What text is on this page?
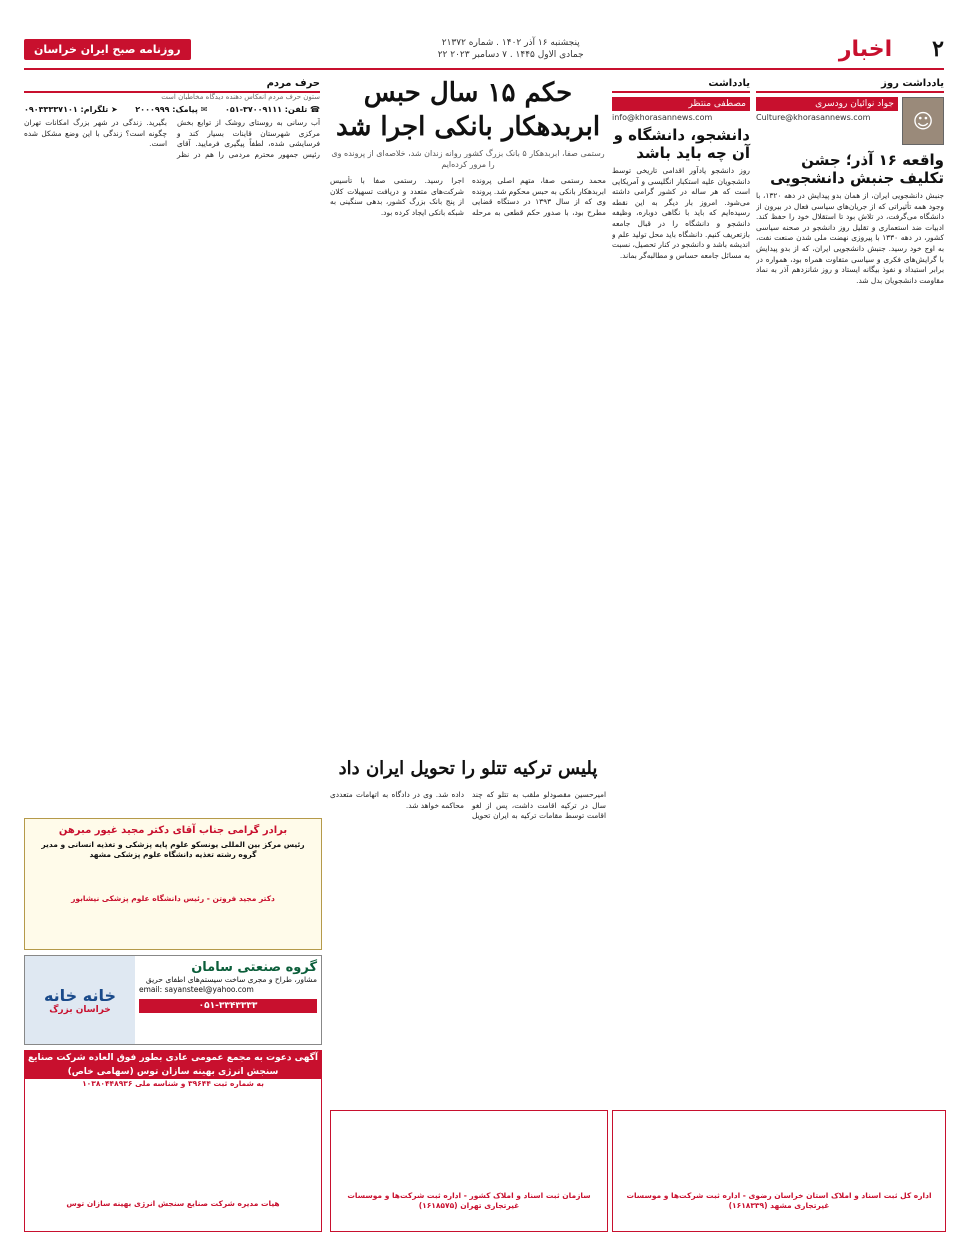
روزنامه صبح ایران خراسان	پنجشنبه ۱۶ آذر ۱۴۰۲ . شماره ۲۱۳۷۲
۲۲ جمادی الاول ۱۴۴۵ . ۷ دسامبر ۲۰۲۳	اخبار ۲
یادداشت روز
جواد نوائیان رودسری
Culture@khorasannews.com	☺
واقعه ۱۶ آذر؛ جشن تکلیف جنبش دانشجویی
جنبش دانشجویی ایران، از همان بدو پیدایش در دهه ۱۳۲۰، با وجود همه تأثیراتی که از جریان‌های سیاسی فعال در بیرون از دانشگاه می‌گرفت، در تلاش بود تا استقلال خود را حفظ کند. ادبیات ضد استعماری و تقلیل روز دانشجو در صحنه سیاسی کشور، در دهه ۱۳۳۰ با پیروزی نهضت ملی شدن صنعت نفت، به اوج خود رسید. جنبش دانشجویی ایران، که از بدو پیدایش با گرایش‌های فکری و سیاسی متفاوت همراه بود، همواره در برابر استبداد و نفوذ بیگانه ایستاد و روز شانزدهم آذر به نماد مقاومت دانشجویان بدل شد.
یادداشت
مصطفی منتظر
info@khorasannews.com
دانشجو، دانشگاه و آن چه باید باشد
روز دانشجو یادآور اقدامی تاریخی توسط دانشجویان علیه استکبار انگلیسی و آمریکایی است که هر ساله در کشور گرامی داشته می‌شود. امروز بار دیگر به این نقطه رسیده‌ایم که باید با نگاهی دوباره، وظیفه دانشجو و دانشگاه را در قبال جامعه بازتعریف کنیم. دانشگاه باید محل تولید علم و اندیشه باشد و دانشجو در کنار تحصیل، نسبت به مسائل جامعه حساس و مطالبه‌گر بماند.
حکم ۱۵ سال حبس
ابربدهکار بانکی اجرا شد
رستمی صفا، ابربدهکار ۵ بانک بزرگ کشور روانه زندان شد، خلاصه‌ای از پرونده وی را مرور کرده‌ایم
محمد رستمی صفا، متهم اصلی پرونده ابربدهکار بانکی به حبس محکوم شد. پرونده وی که از سال ۱۳۹۳ در دستگاه قضایی مطرح بود، با صدور حکم قطعی به مرحله اجرا رسید. رستمی صفا با تأسیس شرکت‌های متعدد و دریافت تسهیلات کلان از پنج بانک بزرگ کشور، بدهی سنگینی به شبکه بانکی ایجاد کرده بود.
پلیس ترکیه تتلو را تحویل ایران داد
امیرحسین مقصودلو ملقب به تتلو که چند سال در ترکیه اقامت داشت، پس از لغو اقامت توسط مقامات ترکیه به ایران تحویل داده شد. وی در دادگاه به اتهامات متعددی محاکمه خواهد شد.
حرف مردم
ستون حرف مردم انعکاس دهنده دیدگاه مخاطبان است
☎ تلفن: ۳۷۰۰۹۱۱۱-۰۵۱
✉ پیامک: ۲۰۰۰۹۹۹
➤ تلگرام: ۰۹۰۳۳۳۳۷۱۰۱
آب رسانی به روستای روشک از توابع بخش مرکزی شهرستان قاینات بسیار کند و فرسایشی شده، لطفاً پیگیری فرمایید. آقای رئیس جمهور محترم مردمی را هم در نظر بگیرید. زندگی در شهر بزرگ امکانات تهران چگونه است؟ زندگی با این وضع مشکل شده است.
برادر گرامی جناب آقای دکتر مجید غیور مبرهن
رئیس مرکز بین المللی یونسکو علوم پایه پزشکی و تغذیه انسانی و مدیر گروه رشته تغذیه دانشگاه علوم پزشکی مشهد
دکتر مجید فروتن - رئیس دانشگاه علوم پزشکی نیشابور
خانه خانه
خراسان بزرگ
گروه صنعتی سامان
مشاور، طراح و مجری ساخت سیستم‌های اطفای حریق
email: sayansteel@yahoo.com
۰۵۱-۳۳۴۳۳۳۳
آگهی دعوت به مجمع عمومی عادی بطور فوق العاده شرکت صنایع
سنجش انرژی بهینه سازان توس (سهامی خاص)
به شماره ثبت ۳۹۶۴۴ و شناسه ملی ۱۰۳۸۰۴۴۸۹۳۶
هیات مدیره شرکت صنایع سنجش انرژی بهینه سازان توس
سازمان ثبت اسناد و املاک کشور - اداره ثبت شرکت‌ها و موسسات غیرتجاری تهران (۱۶۱۸۵۷۵)
اداره کل ثبت اسناد و املاک استان خراسان رضوی - اداره ثبت شرکت‌ها و موسسات غیرتجاری مشهد (۱۶۱۸۳۳۹)
